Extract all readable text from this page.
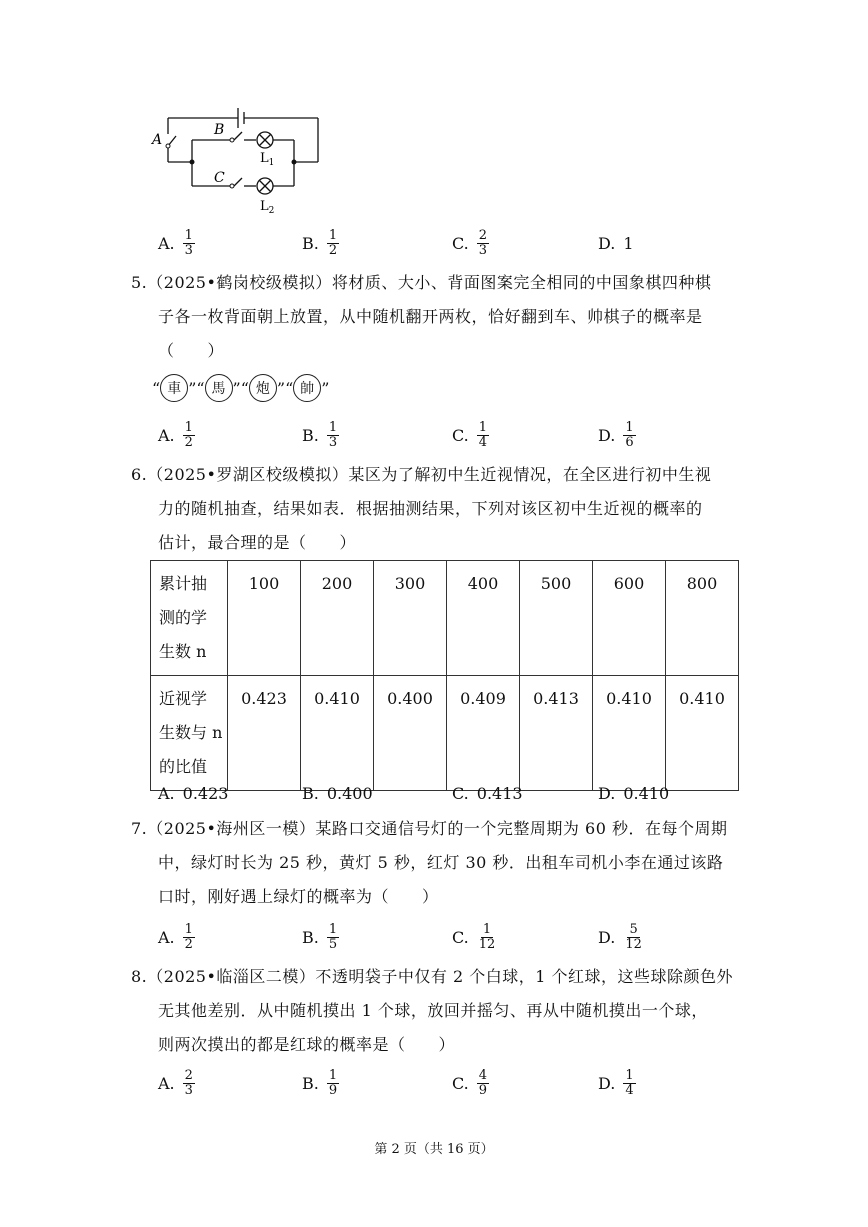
A
B
C
$L_1$
$L_2$
A. $\frac{1}{3}$	B. $\frac{1}{2}$	C. $\frac{2}{3}$	D. 1
5.（2025•鹤岗校级模拟）将材质、大小、背面图案完全相同的中国象棋四种棋
子各一枚背面朝上放置，从中随机翻开两枚，恰好翻到车、帅棋子的概率是
（　　）
“ 車 ”“ 馬 ”“ 炮 ”“ 帥 ”
A. $\frac{1}{2}$	B. $\frac{1}{3}$	C. $\frac{1}{4}$	D. $\frac{1}{6}$
6.（2025•罗湖区校级模拟）某区为了解初中生近视情况，在全区进行初中生视
力的随机抽查，结果如表．根据抽测结果，下列对该区初中生近视的概率的
估计，最合理的是（　　）
累计抽
测的学
生数 n	100	200	300	400	500	600	800

近视学
生数与 n
的比值	0.423	0.410	0.400	0.409	0.413	0.410	0.410
A. 0.423	B. 0.400	C. 0.413	D. 0.410
7.（2025•海州区一模）某路口交通信号灯的一个完整周期为 60 秒．在每个周期
中，绿灯时长为 25 秒，黄灯 5 秒，红灯 30 秒．出租车司机小李在通过该路
口时，刚好遇上绿灯的概率为（　　）
A. $\frac{1}{2}$	B. $\frac{1}{5}$	C. $\frac{1}{12}$	D. $\frac{5}{12}$
8.（2025•临淄区二模）不透明袋子中仅有 2 个白球，1 个红球，这些球除颜色外
无其他差别．从中随机摸出 1 个球，放回并摇匀、再从中随机摸出一个球，
则两次摸出的都是红球的概率是（　　）
A. $\frac{2}{3}$	B. $\frac{1}{9}$	C. $\frac{4}{9}$	D. $\frac{1}{4}$
第 2 页（共 16 页）
